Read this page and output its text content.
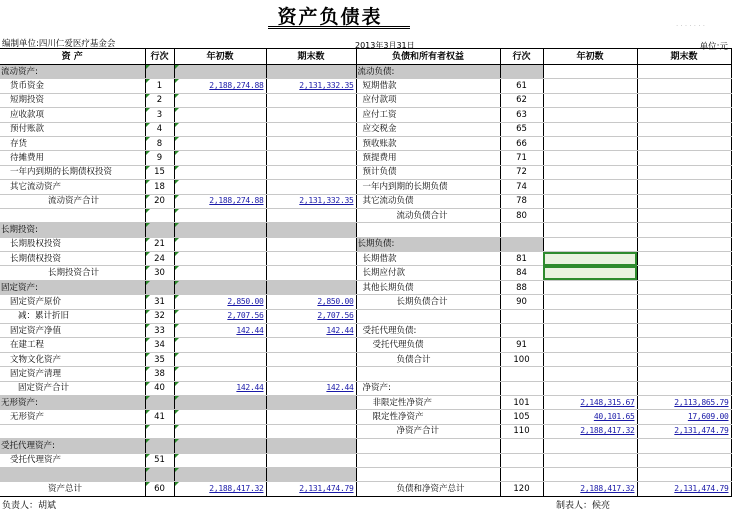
资产负债表	· · · · · · ·
编制单位:四川仁爱医疗基金会	2013年3月31日	单位:元
资 产	行次	年初数	期末数	负债和所有者权益	行次	年初数	期末数
流动资产:				流动负债:			
货币资金	1	2,188,274.88	2,131,332.35	短期借款	61		
短期投资	2			应付款项	62		
应收款项	3			应付工资	63		
预付账款	4			应交税金	65		
存货	8			预收账款	66		
待摊费用	9			预提费用	71		
一年内到期的长期债权投资	15			预计负债	72		
其它流动资产	18			一年内到期的长期负债	74		
流动资产合计	20	2,188,274.88	2,131,332.35	其它流动负债	78		
				流动负债合计	80		
长期投资:							
长期股权投资	21			长期负债:			
长期债权投资	24			长期借款	81		
长期投资合计	30			长期应付款	84		
固定资产:				其他长期负债	88		
固定资产原价	31	2,850.00	2,850.00	长期负债合计	90		
减：累计折旧	32	2,707.56	2,707.56				
固定资产净值	33	142.44	142.44	受托代理负债:			
在建工程	34			受托代理负债	91		
文物文化资产	35			负债合计	100		
固定资产清理	38						
固定资产合计	40	142.44	142.44	净资产:			
无形资产:				非限定性净资产	101	2,148,315.67	2,113,865.79
无形资产	41			限定性净资产	105	40,101.65	17,609.00
				净资产合计	110	2,188,417.32	2,131,474.79
受托代理资产:							
受托代理资产	51						

资产总计	60	2,188,417.32	2,131,474.79	负债和净资产总计	120	2,188,417.32	2,131,474.79
负责人：胡斌	制表人：候亮
